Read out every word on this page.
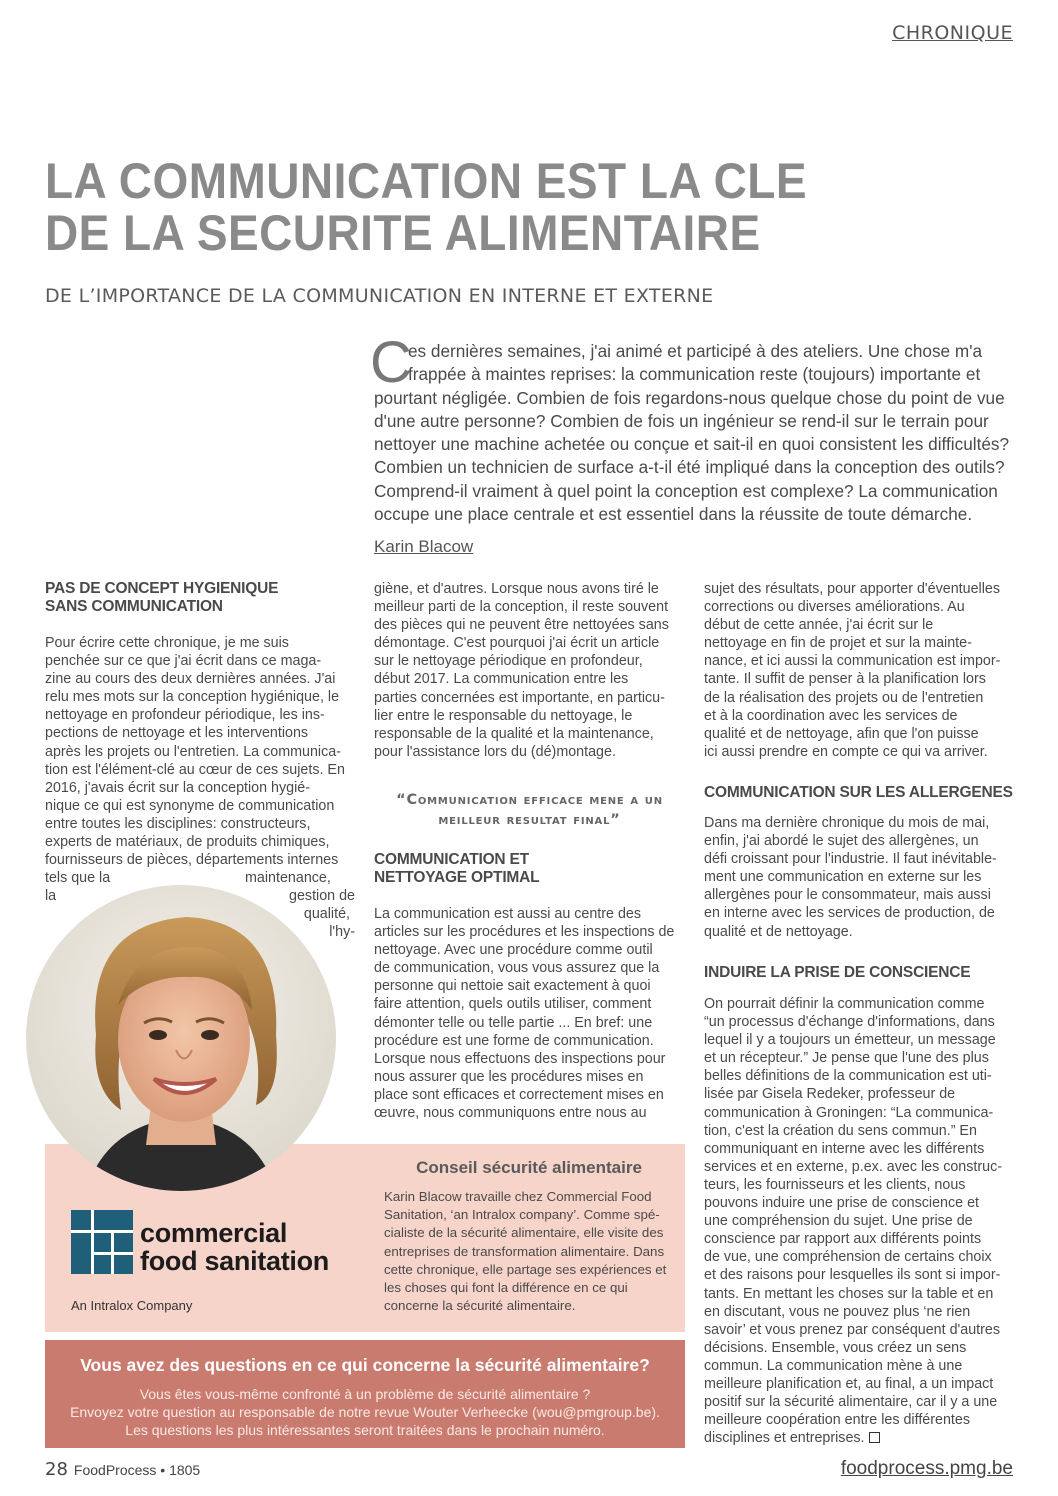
CHRONIQUE
LA COMMUNICATION EST LA CLE
DE LA SECURITE ALIMENTAIRE
DE L’IMPORTANCE DE LA COMMUNICATION EN INTERNE ET EXTERNE
C
es dernières semaines, j'ai animé et participé à des ateliers. Une chose m'a
frappée à maintes reprises: la communication reste (toujours) importante et
pourtant négligée. Combien de fois regardons-nous quelque chose du point de vue
d'une autre personne? Combien de fois un ingénieur se rend-il sur le terrain pour
nettoyer une machine achetée ou conçue et sait-il en quoi consistent les difficultés?
Combien un technicien de surface a-t-il été impliqué dans la conception des outils?
Comprend-il vraiment à quel point la conception est complexe? La communication
occupe une place centrale et est essentiel dans la réussite de toute démarche.
Karin Blacow
PAS DE CONCEPT HYGIENIQUE
SANS COMMUNICATION
Pour écrire cette chronique, je me suis
penchée sur ce que j'ai écrit dans ce maga-
zine au cours des deux dernières années. J'ai
relu mes mots sur la conception hygiénique, le
nettoyage en profondeur périodique, les ins-
pections de nettoyage et les interventions
après les projets ou l'entretien. La communica-
tion est l'élément-clé au cœur de ces sujets. En
2016, j'avais écrit sur la conception hygié-
nique ce qui est synonyme de communication
entre toutes les disciplines: constructeurs,
experts de matériaux, de produits chimiques,
fournisseurs de pièces, départements internes
tels que la	maintenance,
la	gestion de
qualité,
l'hy-
giène, et d'autres. Lorsque nous avons tiré le
meilleur parti de la conception, il reste souvent
des pièces qui ne peuvent être nettoyées sans
démontage. C'est pourquoi j'ai écrit un article
sur le nettoyage périodique en profondeur,
début 2017. La communication entre les
parties concernées est importante, en particu-
lier entre le responsable du nettoyage, le
responsable de la qualité et la maintenance,
pour l'assistance lors du (dé)montage.
“Communication efficace mene a un
meilleur resultat final”
COMMUNICATION ET
NETTOYAGE OPTIMAL
La communication est aussi au centre des
articles sur les procédures et les inspections de
nettoyage. Avec une procédure comme outil
de communication, vous vous assurez que la
personne qui nettoie sait exactement à quoi
faire attention, quels outils utiliser, comment
démonter telle ou telle partie ... En bref: une
procédure est une forme de communication.
Lorsque nous effectuons des inspections pour
nous assurer que les procédures mises en
place sont efficaces et correctement mises en
œuvre, nous communiquons entre nous au
sujet des résultats, pour apporter d'éventuelles
corrections ou diverses améliorations. Au
début de cette année, j'ai écrit sur le
nettoyage en fin de projet et sur la mainte-
nance, et ici aussi la communication est impor-
tante. Il suffit de penser à la planification lors
de la réalisation des projets ou de l'entretien
et à la coordination avec les services de
qualité et de nettoyage, afin que l'on puisse
ici aussi prendre en compte ce qui va arriver.
COMMUNICATION SUR LES ALLERGENES
Dans ma dernière chronique du mois de mai,
enfin, j'ai abordé le sujet des allergènes, un
défi croissant pour l'industrie. Il faut inévitable-
ment une communication en externe sur les
allergènes pour le consommateur, mais aussi
en interne avec les services de production, de
qualité et de nettoyage.
INDUIRE LA PRISE DE CONSCIENCE
On pourrait définir la communication comme
“un processus d'échange d'informations, dans
lequel il y a toujours un émetteur, un message
et un récepteur.” Je pense que l'une des plus
belles définitions de la communication est uti-
lisée par Gisela Redeker, professeur de
communication à Groningen: “La communica-
tion, c'est la création du sens commun.” En
communiquant en interne avec les différents
services et en externe, p.ex. avec les construc-
teurs, les fournisseurs et les clients, nous
pouvons induire une prise de conscience et
une compréhension du sujet. Une prise de
conscience par rapport aux différents points
de vue, une compréhension de certains choix
et des raisons pour lesquelles ils sont si impor-
tants. En mettant les choses sur la table et en
en discutant, vous ne pouvez plus ‘ne rien
savoir’ et vous prenez par conséquent d'autres
décisions. Ensemble, vous créez un sens
commun. La communication mène à une
meilleure planification et, au final, a un impact
positif sur la sécurité alimentaire, car il y a une
meilleure coopération entre les différentes
disciplines et entreprises.
commercial
food sanitation
An Intralox Company
Conseil sécurité alimentaire
Karin Blacow travaille chez Commercial Food
Sanitation, ‘an Intralox company’. Comme spé-
cialiste de la sécurité alimentaire, elle visite des
entreprises de transformation alimentaire. Dans
cette chronique, elle partage ses expériences et
les choses qui font la différence en ce qui
concerne la sécurité alimentaire.
Vous avez des questions en ce qui concerne la sécurité alimentaire?
Vous êtes vous-même confronté à un problème de sécurité alimentaire ?
Envoyez votre question au responsable de notre revue Wouter Verheecke (wou@pmgroup.be).
Les questions les plus intéressantes seront traitées dans le prochain numéro.
28 FoodProcess • 1805	foodprocess.pmg.be
